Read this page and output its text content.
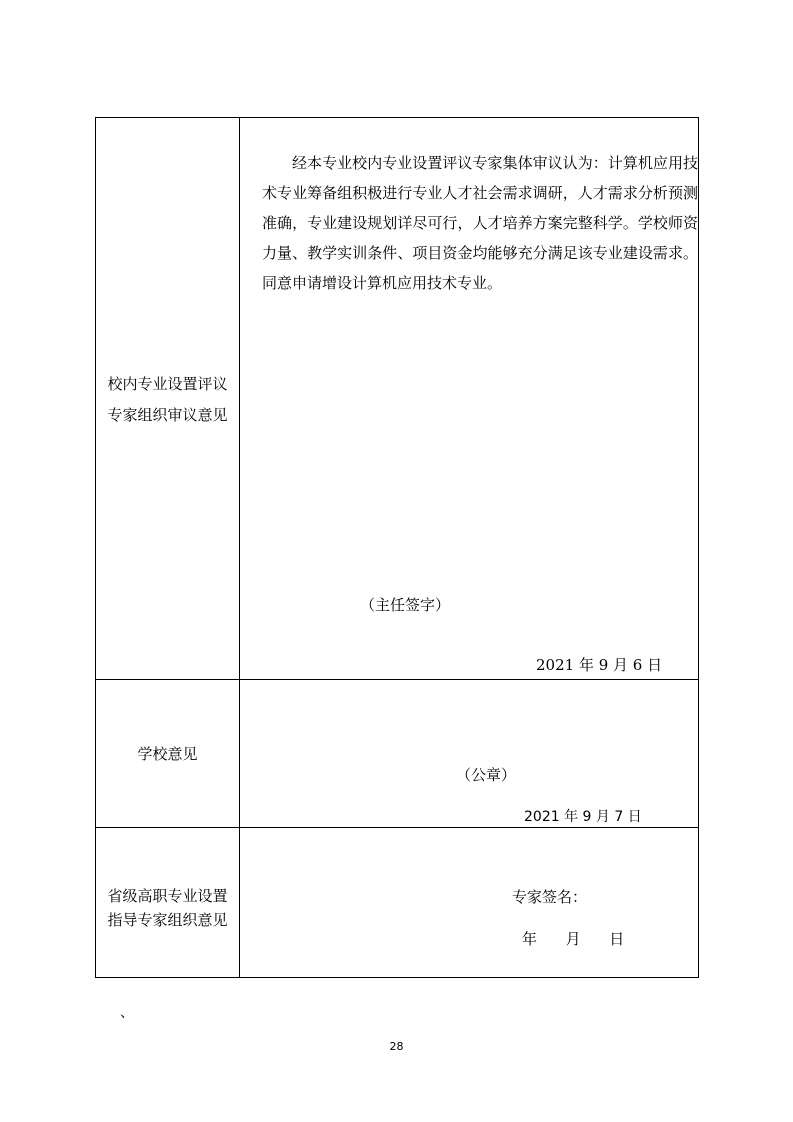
校内专业设置评议
专家组织审议意见

经本专业校内专业设置评议专家集体审议认为：计算机应用技术专业筹备组积极进行专业人才社会需求调研，人才需求分析预测准确，专业建设规划详尽可行，人才培养方案完整科学。学校师资力量、教学实训条件、项目资金均能够充分满足该专业建设需求。同意申请增设计算机应用技术专业。

（主任签字）
2021 年 9 月 6 日
学校意见
（公章）
2021 年 9 月 7 日
省级高职专业设置
指导专家组织意见
专家签名：
年      月      日
、
28
